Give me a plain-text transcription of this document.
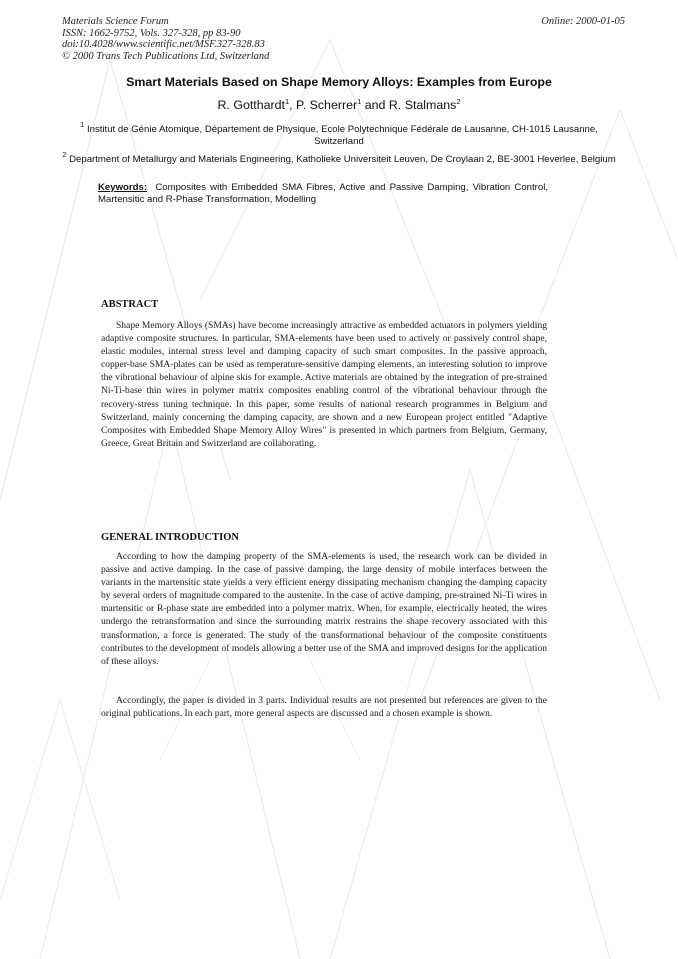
Materials Science Forum
ISSN: 1662-9752, Vols. 327-328, pp 83-90
doi:10.4028/www.scientific.net/MSF.327-328.83
© 2000 Trans Tech Publications Ltd, Switzerland
Online: 2000-01-05
Smart Materials Based on Shape Memory Alloys: Examples from Europe
R. Gotthardt$^1$, P. Scherrer$^1$ and R. Stalmans$^2$
$^1$ Institut de Génie Atomique, Département de Physique, Ecole Polytechnique Fédérale de Lausanne, CH-1015 Lausanne, Switzerland
$^2$ Department of Metallurgy and Materials Engineering, Katholieke Universiteit Leuven, De Croylaan 2, BE-3001 Heverlee, Belgium
Keywords: Composites with Embedded SMA Fibres, Active and Passive Damping, Vibration Control, Martensitic and R-Phase Transformation, Modelling
ABSTRACT
Shape Memory Alloys (SMAs) have become increasingly attractive as embedded actuators in polymers yielding adaptive composite structures. In particular, SMA-elements have been used to actively or passively control shape, elastic modules, internal stress level and damping capacity of such smart composites. In the passive approach, copper-base SMA-plates can be used as temperature-sensitive damping elements, an interesting solution to improve the vibrational behaviour of alpine skis for example. Active materials are obtained by the integration of pre-strained Ni-Ti-base thin wires in polymer matrix composites enabling control of the vibrational behaviour through the recovery-stress tuning technique. In this paper, some results of national research programmes in Belgium and Switzerland, mainly concerning the damping capacity, are shown and a new European project entitled "Adaptive Composites with Embedded Shape Memory Alloy Wires" is presented in which partners from Belgium, Germany, Greece, Great Britain and Switzerland are collaborating.
GENERAL INTRODUCTION
According to how the damping property of the SMA-elements is used, the research work can be divided in passive and active damping. In the case of passive damping, the large density of mobile interfaces between the variants in the martensitic state yields a very efficient energy dissipating mechanism changing the damping capacity by several orders of magnitude compared to the austenite. In the case of active damping, pre-strained Ni-Ti wires in martensitic or R-phase state are embedded into a polymer matrix. When, for example, electrically heated, the wires undergo the retransformation and since the surrounding matrix restrains the shape recovery associated with this transformation, a force is generated. The study of the transformational behaviour of the composite constituents contributes to the development of models allowing a better use of the SMA and improved designs for the application of these alloys.
Accordingly, the paper is divided in 3 parts. Individual results are not presented but references are given to the original publications. In each part, more general aspects are discussed and a chosen example is shown.
